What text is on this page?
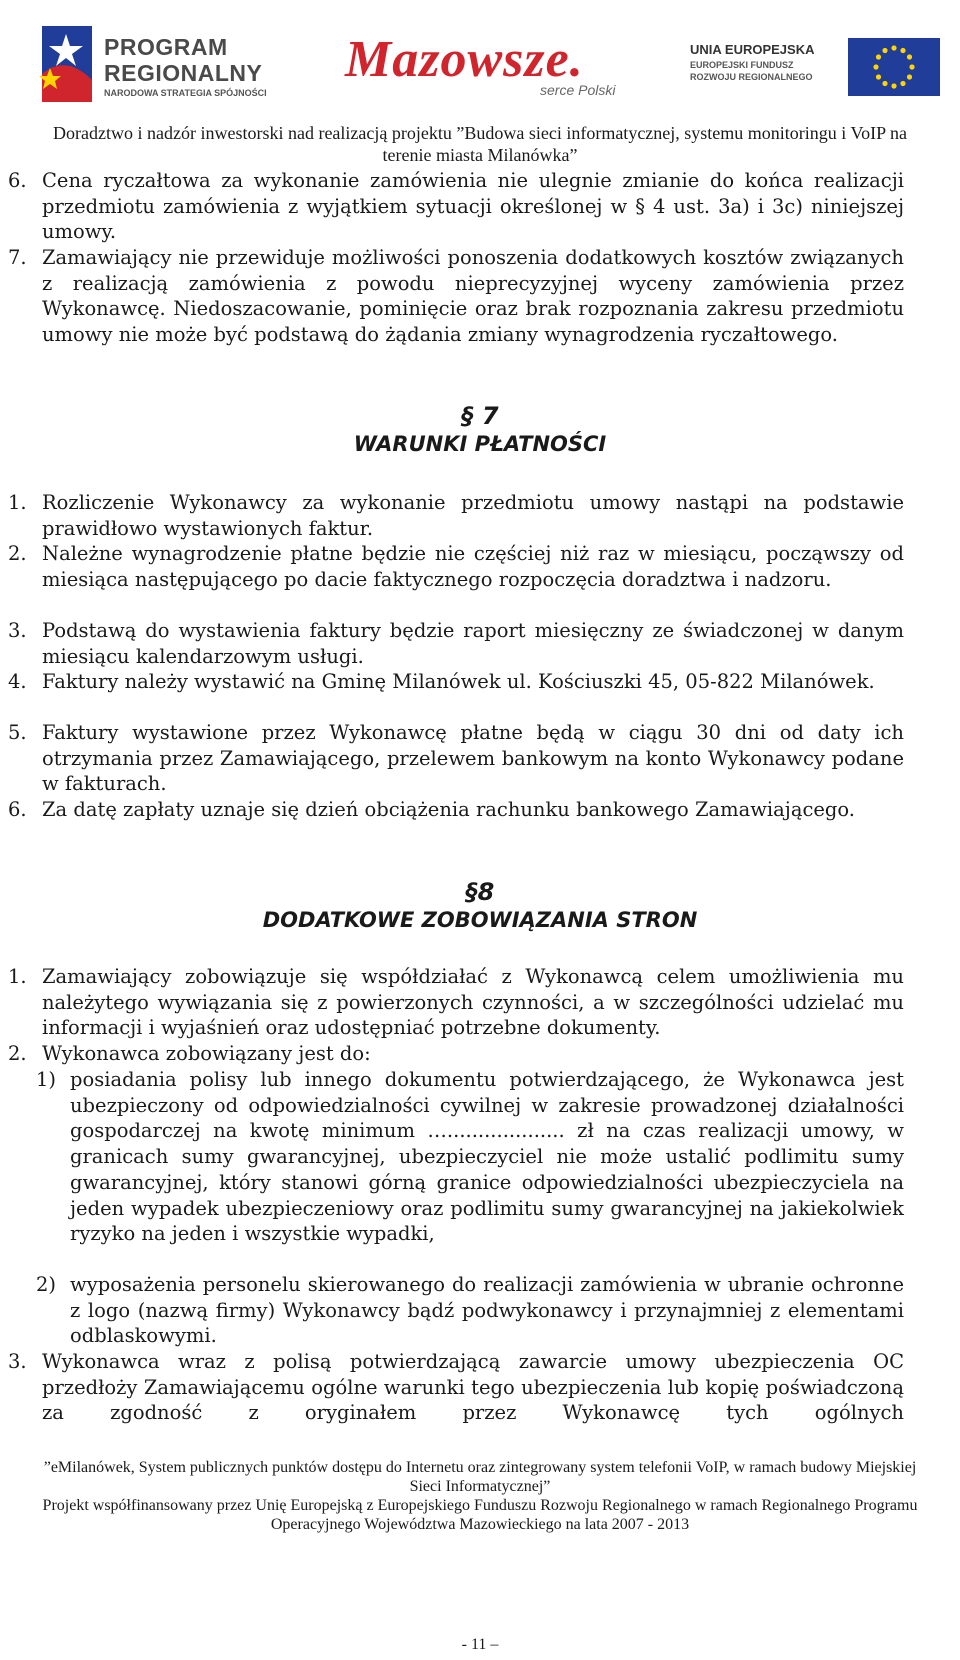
PROGRAM
REGIONALNY
NARODOWA STRATEGIA SPÓJNOŚCI
Mazowsze.
serce Polski
UNIA EUROPEJSKA
EUROPEJSKI FUNDUSZ
ROZWOJU REGIONALNEGO
Doradztwo i nadzór inwestorski nad realizacją projektu ”Budowa sieci informatycznej, systemu monitoringu i VoIP na terenie miasta Milanówka”
6. Cena ryczałtowa za wykonanie zamówienia nie ulegnie zmianie do końca realizacji przedmiotu zamówienia z wyjątkiem sytuacji określonej w § 4 ust. 3a) i 3c) niniejszej umowy.
7. Zamawiający nie przewiduje możliwości ponoszenia dodatkowych kosztów związanych z realizacją zamówienia z powodu nieprecyzyjnej wyceny zamówienia przez Wykonawcę. Niedoszacowanie, pominięcie oraz brak rozpoznania zakresu przedmiotu umowy nie może być podstawą do żądania zmiany wynagrodzenia ryczałtowego.
§ 7
WARUNKI PŁATNOŚCI
1. Rozliczenie Wykonawcy za wykonanie przedmiotu umowy nastąpi na podstawie prawidłowo wystawionych faktur.
2. Należne wynagrodzenie płatne będzie nie częściej niż raz w miesiącu, począwszy od miesiąca następującego po dacie faktycznego rozpoczęcia doradztwa i nadzoru.
3. Podstawą do wystawienia faktury będzie raport miesięczny ze świadczonej w danym miesiącu kalendarzowym usługi.
4. Faktury należy wystawić na Gminę Milanówek ul. Kościuszki 45, 05-822 Milanówek.
5. Faktury wystawione przez Wykonawcę płatne będą w ciągu 30 dni od daty ich otrzymania przez Zamawiającego, przelewem bankowym na konto Wykonawcy podane w fakturach.
6. Za datę zapłaty uznaje się dzień obciążenia rachunku bankowego Zamawiającego.
§8
DODATKOWE ZOBOWIĄZANIA STRON
1. Zamawiający zobowiązuje się współdziałać z Wykonawcą celem umożliwienia mu należytego wywiązania się z powierzonych czynności, a w szczególności udzielać mu informacji i wyjaśnień oraz udostępniać potrzebne dokumenty.
2. Wykonawca zobowiązany jest do:
1) posiadania polisy lub innego dokumentu potwierdzającego, że Wykonawca jest ubezpieczony od odpowiedzialności cywilnej w zakresie prowadzonej działalności gospodarczej na kwotę minimum …................... zł na czas realizacji umowy, w granicach sumy gwarancyjnej, ubezpieczyciel nie może ustalić podlimitu sumy gwarancyjnej, który stanowi górną granice odpowiedzialności ubezpieczyciela na jeden wypadek ubezpieczeniowy oraz podlimitu sumy gwarancyjnej na jakiekolwiek ryzyko na jeden i wszystkie wypadki,
2) wyposażenia personelu skierowanego do realizacji zamówienia w ubranie ochronne z logo (nazwą firmy) Wykonawcy bądź podwykonawcy i przynajmniej z elementami odblaskowymi.
3. Wykonawca wraz z polisą potwierdzającą zawarcie umowy ubezpieczenia OC przedłoży Zamawiającemu ogólne warunki tego ubezpieczenia lub kopię poświadczoną za zgodność z oryginałem przez Wykonawcę tych ogólnych
”eMilanówek, System publicznych punktów dostępu do Internetu oraz zintegrowany system telefonii VoIP, w ramach budowy Miejskiej Sieci Informatycznej”
Projekt współfinansowany przez Unię Europejską z Europejskiego Funduszu Rozwoju Regionalnego w ramach Regionalnego Programu Operacyjnego Województwa Mazowieckiego na lata 2007 - 2013
- 11 –
